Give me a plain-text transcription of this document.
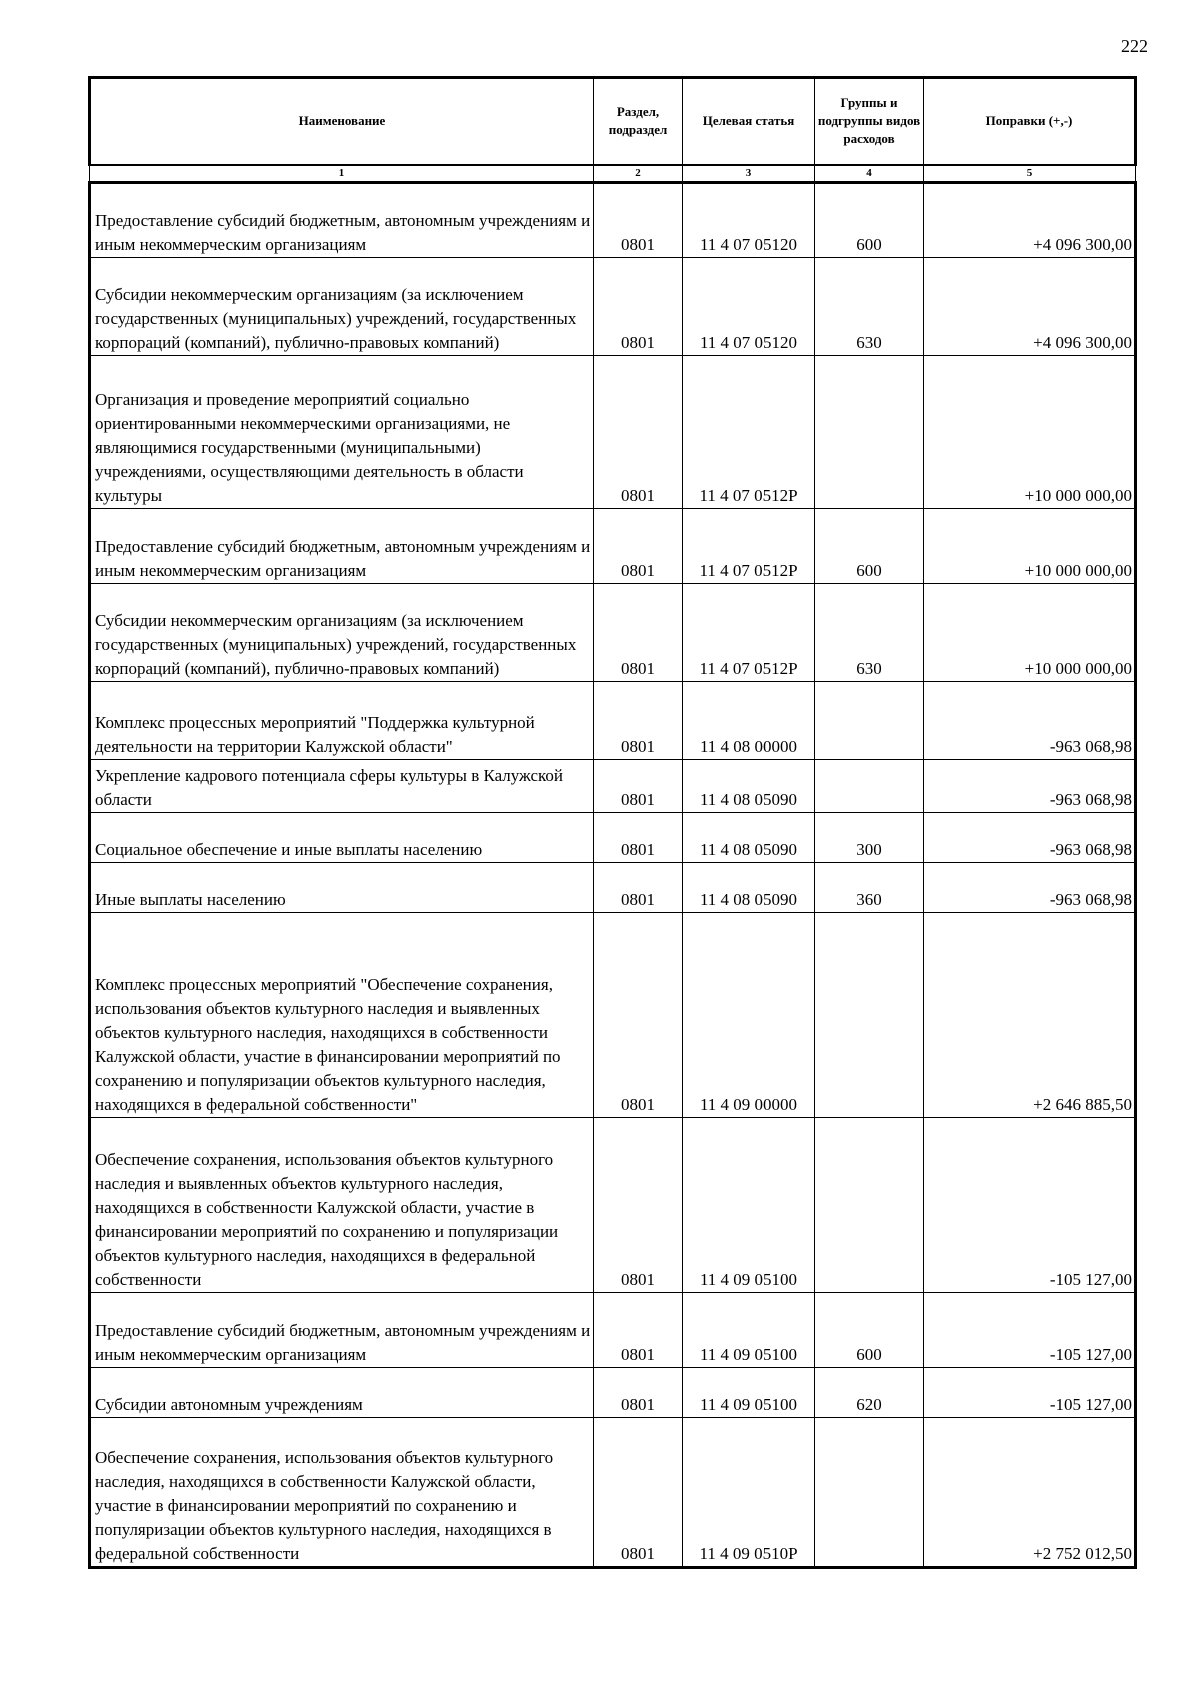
222
Наименование	Раздел, подраздел	Целевая статья	Группы и подгруппы видов расходов	Поправки (+,-)
1	2	3	4	5
Предоставление субсидий бюджетным, автономным учреждениям и иным некоммерческим организациям	0801	11 4 07 05120	600	+4 096 300,00
Субсидии некоммерческим организациям (за исключением государственных (муниципальных) учреждений, государственных корпораций (компаний), публично-правовых компаний)	0801	11 4 07 05120	630	+4 096 300,00
Организация и проведение мероприятий социально ориентированными некоммерческими организациями, не являющимися государственными (муниципальными) учреждениями, осуществляющими деятельность в области культуры	0801	11 4 07 0512P		+10 000 000,00
Предоставление субсидий бюджетным, автономным учреждениям и иным некоммерческим организациям	0801	11 4 07 0512P	600	+10 000 000,00
Субсидии некоммерческим организациям (за исключением государственных (муниципальных) учреждений, государственных корпораций (компаний), публично-правовых компаний)	0801	11 4 07 0512P	630	+10 000 000,00
Комплекс процессных мероприятий "Поддержка культурной деятельности на территории Калужской области"	0801	11 4 08 00000		-963 068,98
Укрепление кадрового потенциала сферы культуры в Калужской области	0801	11 4 08 05090		-963 068,98
Социальное обеспечение и иные выплаты населению	0801	11 4 08 05090	300	-963 068,98
Иные выплаты населению	0801	11 4 08 05090	360	-963 068,98
Комплекс процессных мероприятий "Обеспечение сохранения, использования объектов культурного наследия и выявленных объектов культурного наследия, находящихся в собственности Калужской области, участие в финансировании мероприятий по сохранению и популяризации объектов культурного наследия, находящихся в федеральной собственности"	0801	11 4 09 00000		+2 646 885,50
Обеспечение сохранения, использования объектов культурного наследия и выявленных объектов культурного наследия, находящихся в собственности Калужской области, участие в финансировании мероприятий по сохранению и популяризации объектов культурного наследия, находящихся в федеральной собственности	0801	11 4 09 05100		-105 127,00
Предоставление субсидий бюджетным, автономным учреждениям и иным некоммерческим организациям	0801	11 4 09 05100	600	-105 127,00
Субсидии автономным учреждениям	0801	11 4 09 05100	620	-105 127,00
Обеспечение сохранения, использования объектов культурного наследия, находящихся в собственности Калужской области, участие в финансировании мероприятий по сохранению и популяризации объектов культурного наследия, находящихся в федеральной собственности	0801	11 4 09 0510P		+2 752 012,50
